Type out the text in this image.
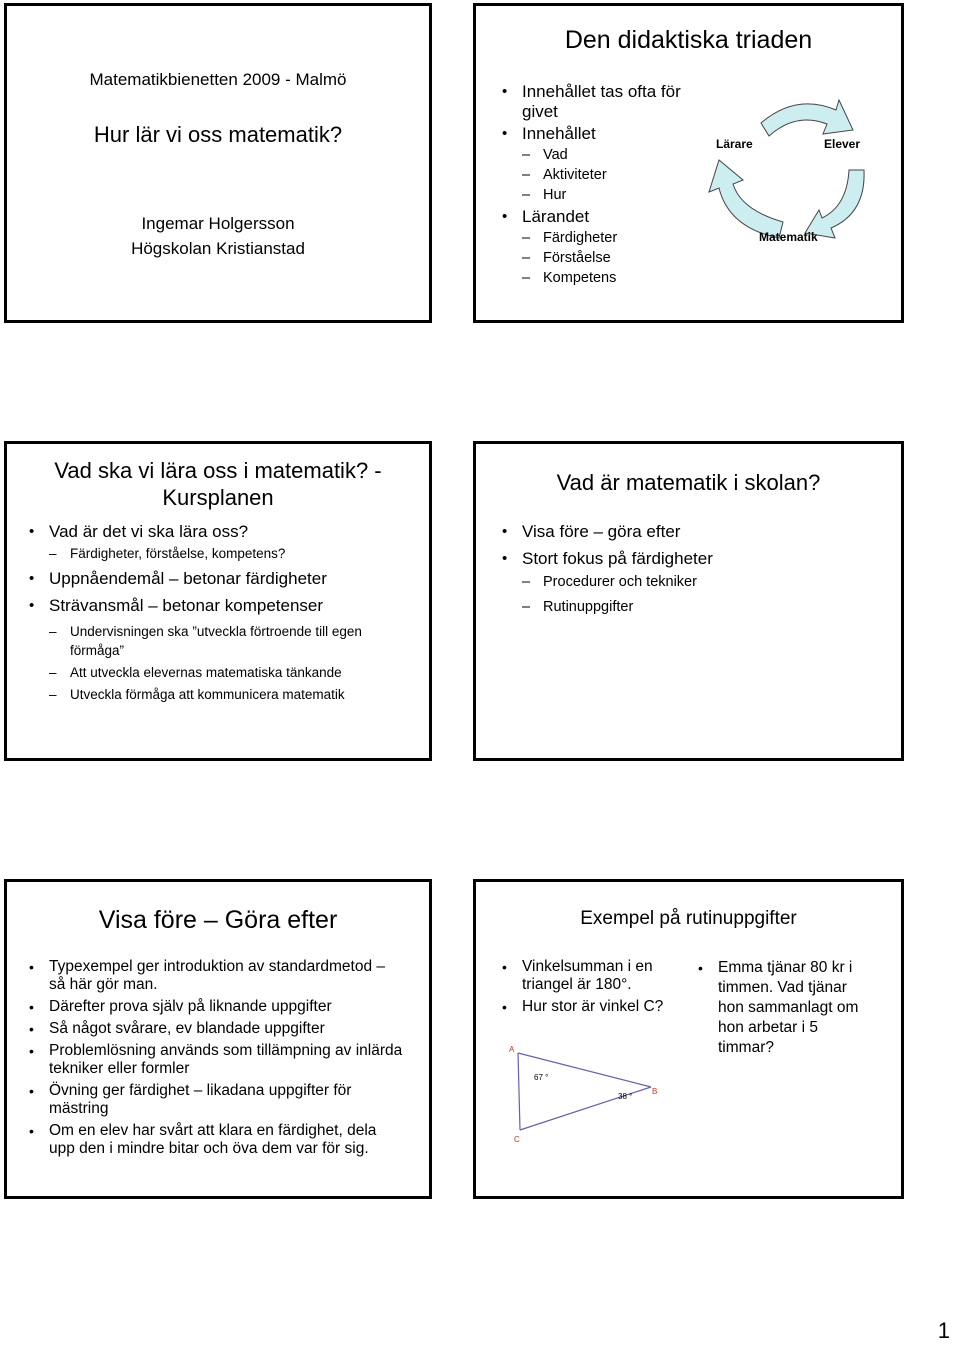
Matematikbienetten 2009 - Malmö
Hur lär vi oss matematik?
Ingemar Holgersson
Högskolan Kristianstad
Den didaktiska triaden
• Innehållet tas ofta för givet
• Innehållet
– Vad
– Aktiviteter
– Hur
• Lärandet
– Färdigheter
– Förståelse
– Kompetens
Lärare	Elever
Matematik
Vad ska vi lära oss i matematik? - Kursplanen
• Vad är det vi ska lära oss?
– Färdigheter, förståelse, kompetens?
• Uppnåendemål – betonar färdigheter
• Strävansmål – betonar kompetenser
– Undervisningen ska ”utveckla förtroende till egen förmåga”
– Att utveckla elevernas matematiska tänkande
– Utveckla förmåga att kommunicera matematik
Vad är matematik i skolan?
• Visa före – göra efter
• Stort fokus på färdigheter
– Procedurer och tekniker
– Rutinuppgifter
Visa före – Göra efter
• Typexempel ger introduktion av standardmetod – så här gör man.
• Därefter prova själv på liknande uppgifter
• Så något svårare, ev blandade uppgifter
• Problemlösning används som tillämpning av inlärda tekniker eller formler
• Övning ger färdighet – likadana uppgifter för mästring
• Om en elev har svårt att klara en färdighet, dela upp den i mindre bitar och öva dem var för sig.
Exempel på rutinuppgifter
• Vinkelsumman i en triangel är 180°.
• Hur stor är vinkel C?
• Emma tjänar 80 kr i timmen. Vad tjänar hon sammanlagt om hon arbetar i 5 timmar?
A
B
C
67 °
38 °
1
